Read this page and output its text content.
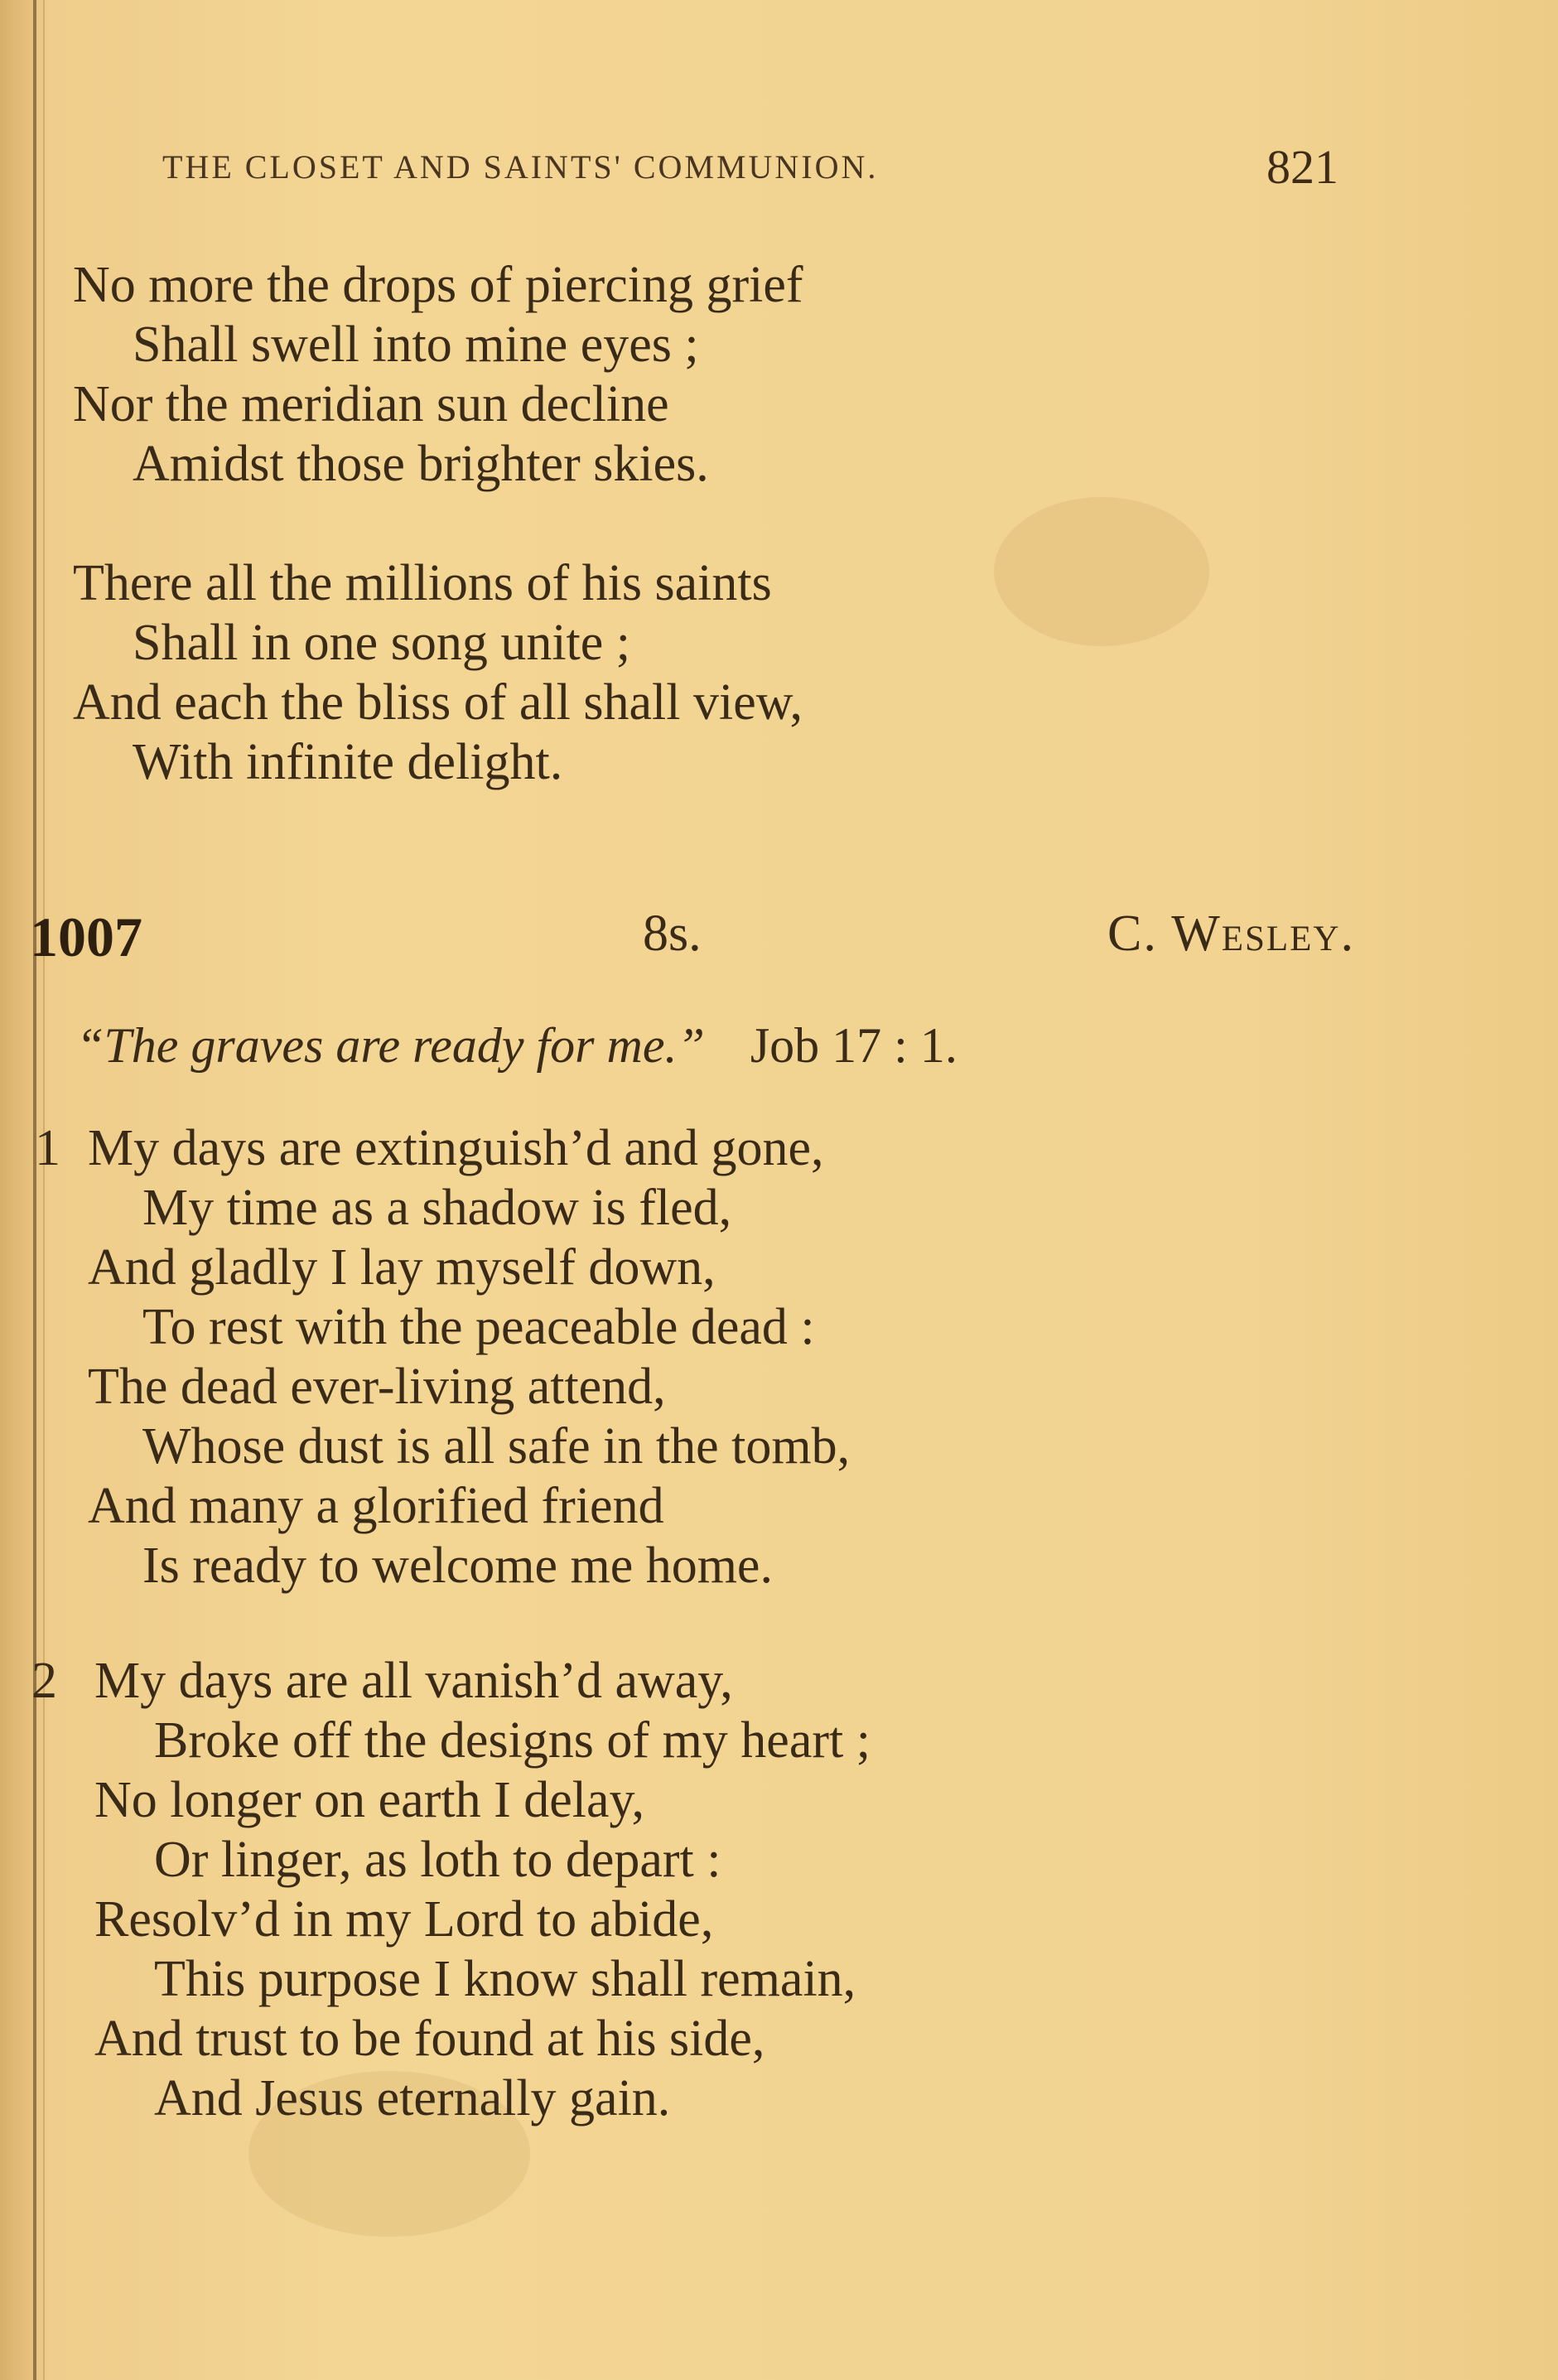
THE CLOSET AND SAINTS' COMMUNION.	821
No more the drops of piercing grief
Shall swell into mine eyes ;
Nor the meridian sun decline
Amidst those brighter skies.
There all the millions of his saints
Shall in one song unite ;
And each the bliss of all shall view,
With infinite delight.
1007	8s.	C. Wesley.
“The graves are ready for me.” Job 17 : 1.
1 My days are extinguish’d and gone,
My time as a shadow is fled,
And gladly I lay myself down,
To rest with the peaceable dead :
The dead ever-living attend,
Whose dust is all safe in the tomb,
And many a glorified friend
Is ready to welcome me home.
2 My days are all vanish’d away,
Broke off the designs of my heart ;
No longer on earth I delay,
Or linger, as loth to depart :
Resolv’d in my Lord to abide,
This purpose I know shall remain,
And trust to be found at his side,
And Jesus eternally gain.
